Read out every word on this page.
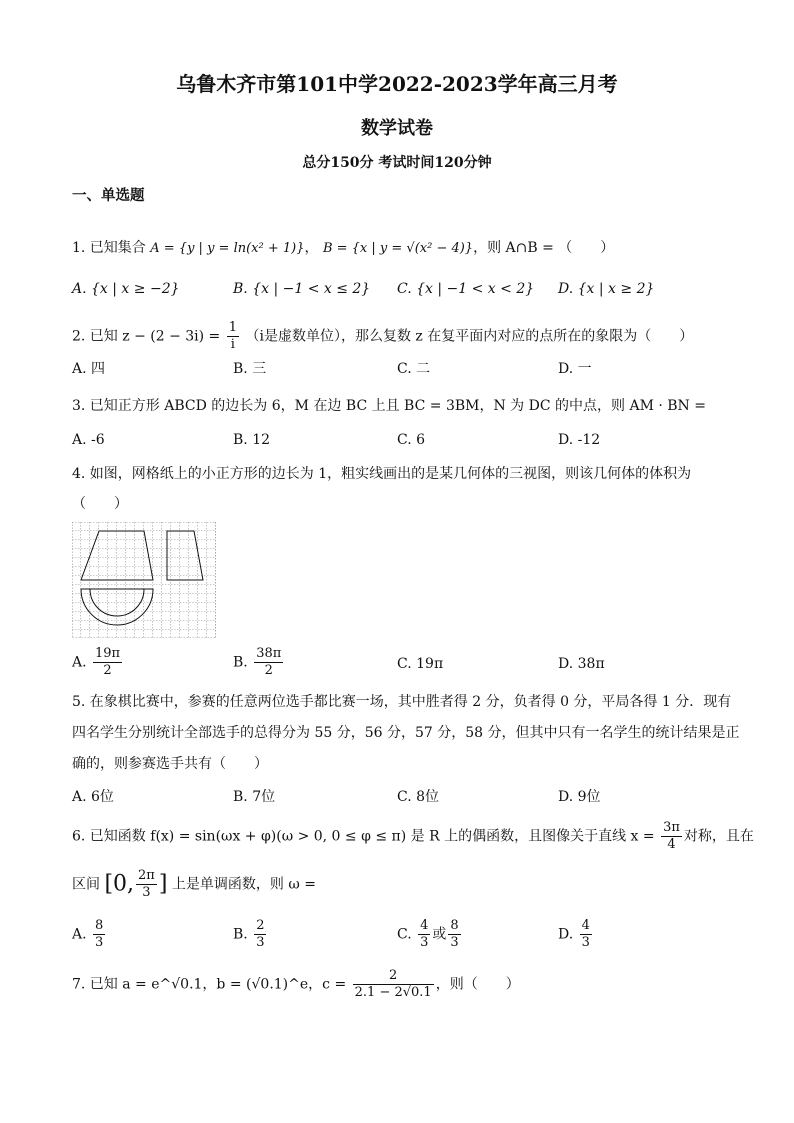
乌鲁木齐市第101中学2022-2023学年高三月考
数学试卷
总分150分 考试时间120分钟
一、单选题
1. 已知集合 A = {y | y = ln(x² + 1)}， B = {x | y = √(x² − 4)}，则 A∩B = （　　）
A. {x | x ≥ −2}	B. {x | −1 < x ≤ 2} C. {x | −1 < x < 2} D. {x | x ≥ 2}
2. 已知 $z - (2 - 3i) = \frac{1}{i} (i$是虚数单位），那么复数 z 在复平面内对应的点所在的象限为（　　）
A. 四	B. 三	C. 二	D. 一
3. 已知正方形 ABCD 的边长为 6，M 在边 BC 上且 BC = 3BM，N 为 DC 的中点，则 AM · BN =
A. -6	B. 12	C. 6	D. -12
4. 如图，网格纸上的小正方形的边长为 1，粗实线画出的是某几何体的三视图，则该几何体的体积为
（　　）
A. $\frac{19\pi}{2}$	B. $\frac{38\pi}{2}$	C. 19π	D. 38π
5. 在象棋比赛中，参赛的任意两位选手都比赛一场，其中胜者得 2 分，负者得 0 分，平局各得 1 分．现有
四名学生分别统计全部选手的总得分为 55 分，56 分，57 分，58 分，但其中只有一名学生的统计结果是正
确的，则参赛选手共有（　　）
A. 6位	B. 7位	C. 8位	D. 9位
6. 已知函数 f(x) = sin(ωx + φ)(ω > 0, 0 ≤ φ ≤ π) 是 R 上的偶函数，且图像关于直线 $x = \frac{3\pi}{4}$ 对称，且在
区间 [0, $\frac{2\pi}{3}$ ] 上是单调函数，则 ω =
A. $\frac{8}{3}$	B. $\frac{2}{3}$	C. $\frac{4}{3}$ 或 $\frac{8}{3}$	D. $\frac{4}{3}$
7. 已知 a = e^√0.1，b = (√0.1)^e，$c = \frac{2}{2.1 - 2√0.1}$ ，则（　　）
